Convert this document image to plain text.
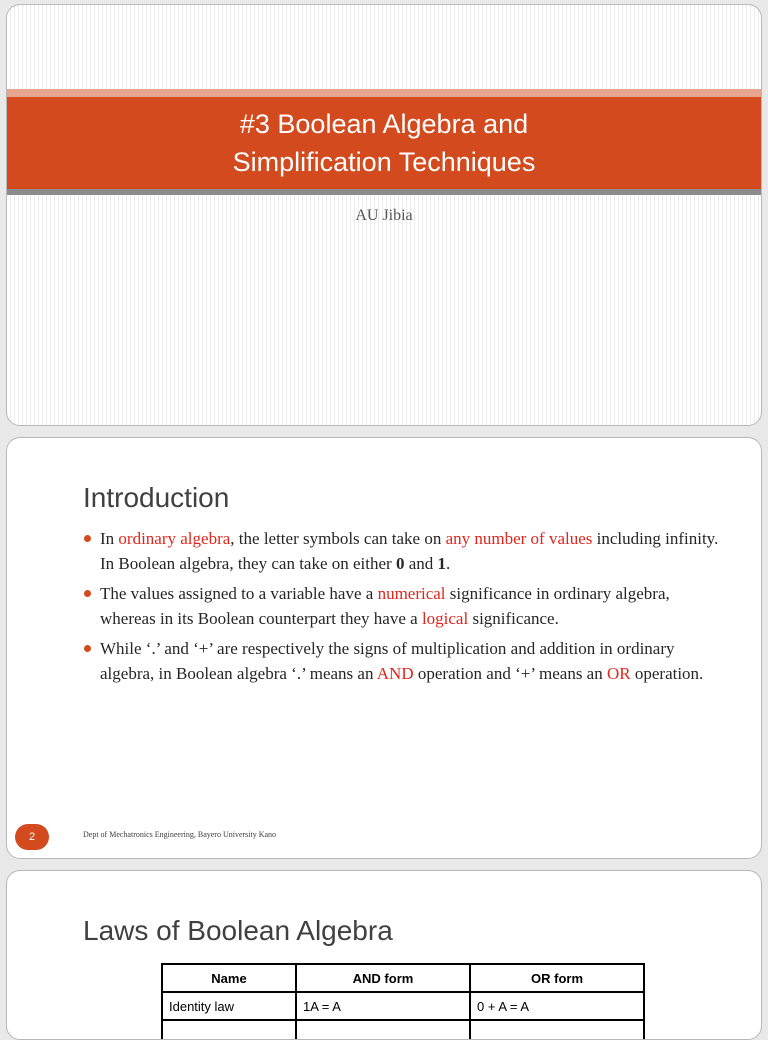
#3 Boolean Algebra and
Simplification Techniques
AU Jibia
Introduction
In ordinary algebra, the letter symbols can take on any number of values including infinity. In Boolean algebra, they can take on either 0 and 1.
The values assigned to a variable have a numerical significance in ordinary algebra, whereas in its Boolean counterpart they have a logical significance.
While ‘.’ and ‘+’ are respectively the signs of multiplication and addition in ordinary algebra, in Boolean algebra ‘.’ means an AND operation and ‘+’ means an OR operation.
2	Dept of Mechatronics Engineering, Bayero University Kano
Laws of Boolean Algebra
Name	AND form	OR form
Identity law	1A = A	0 + A = A
